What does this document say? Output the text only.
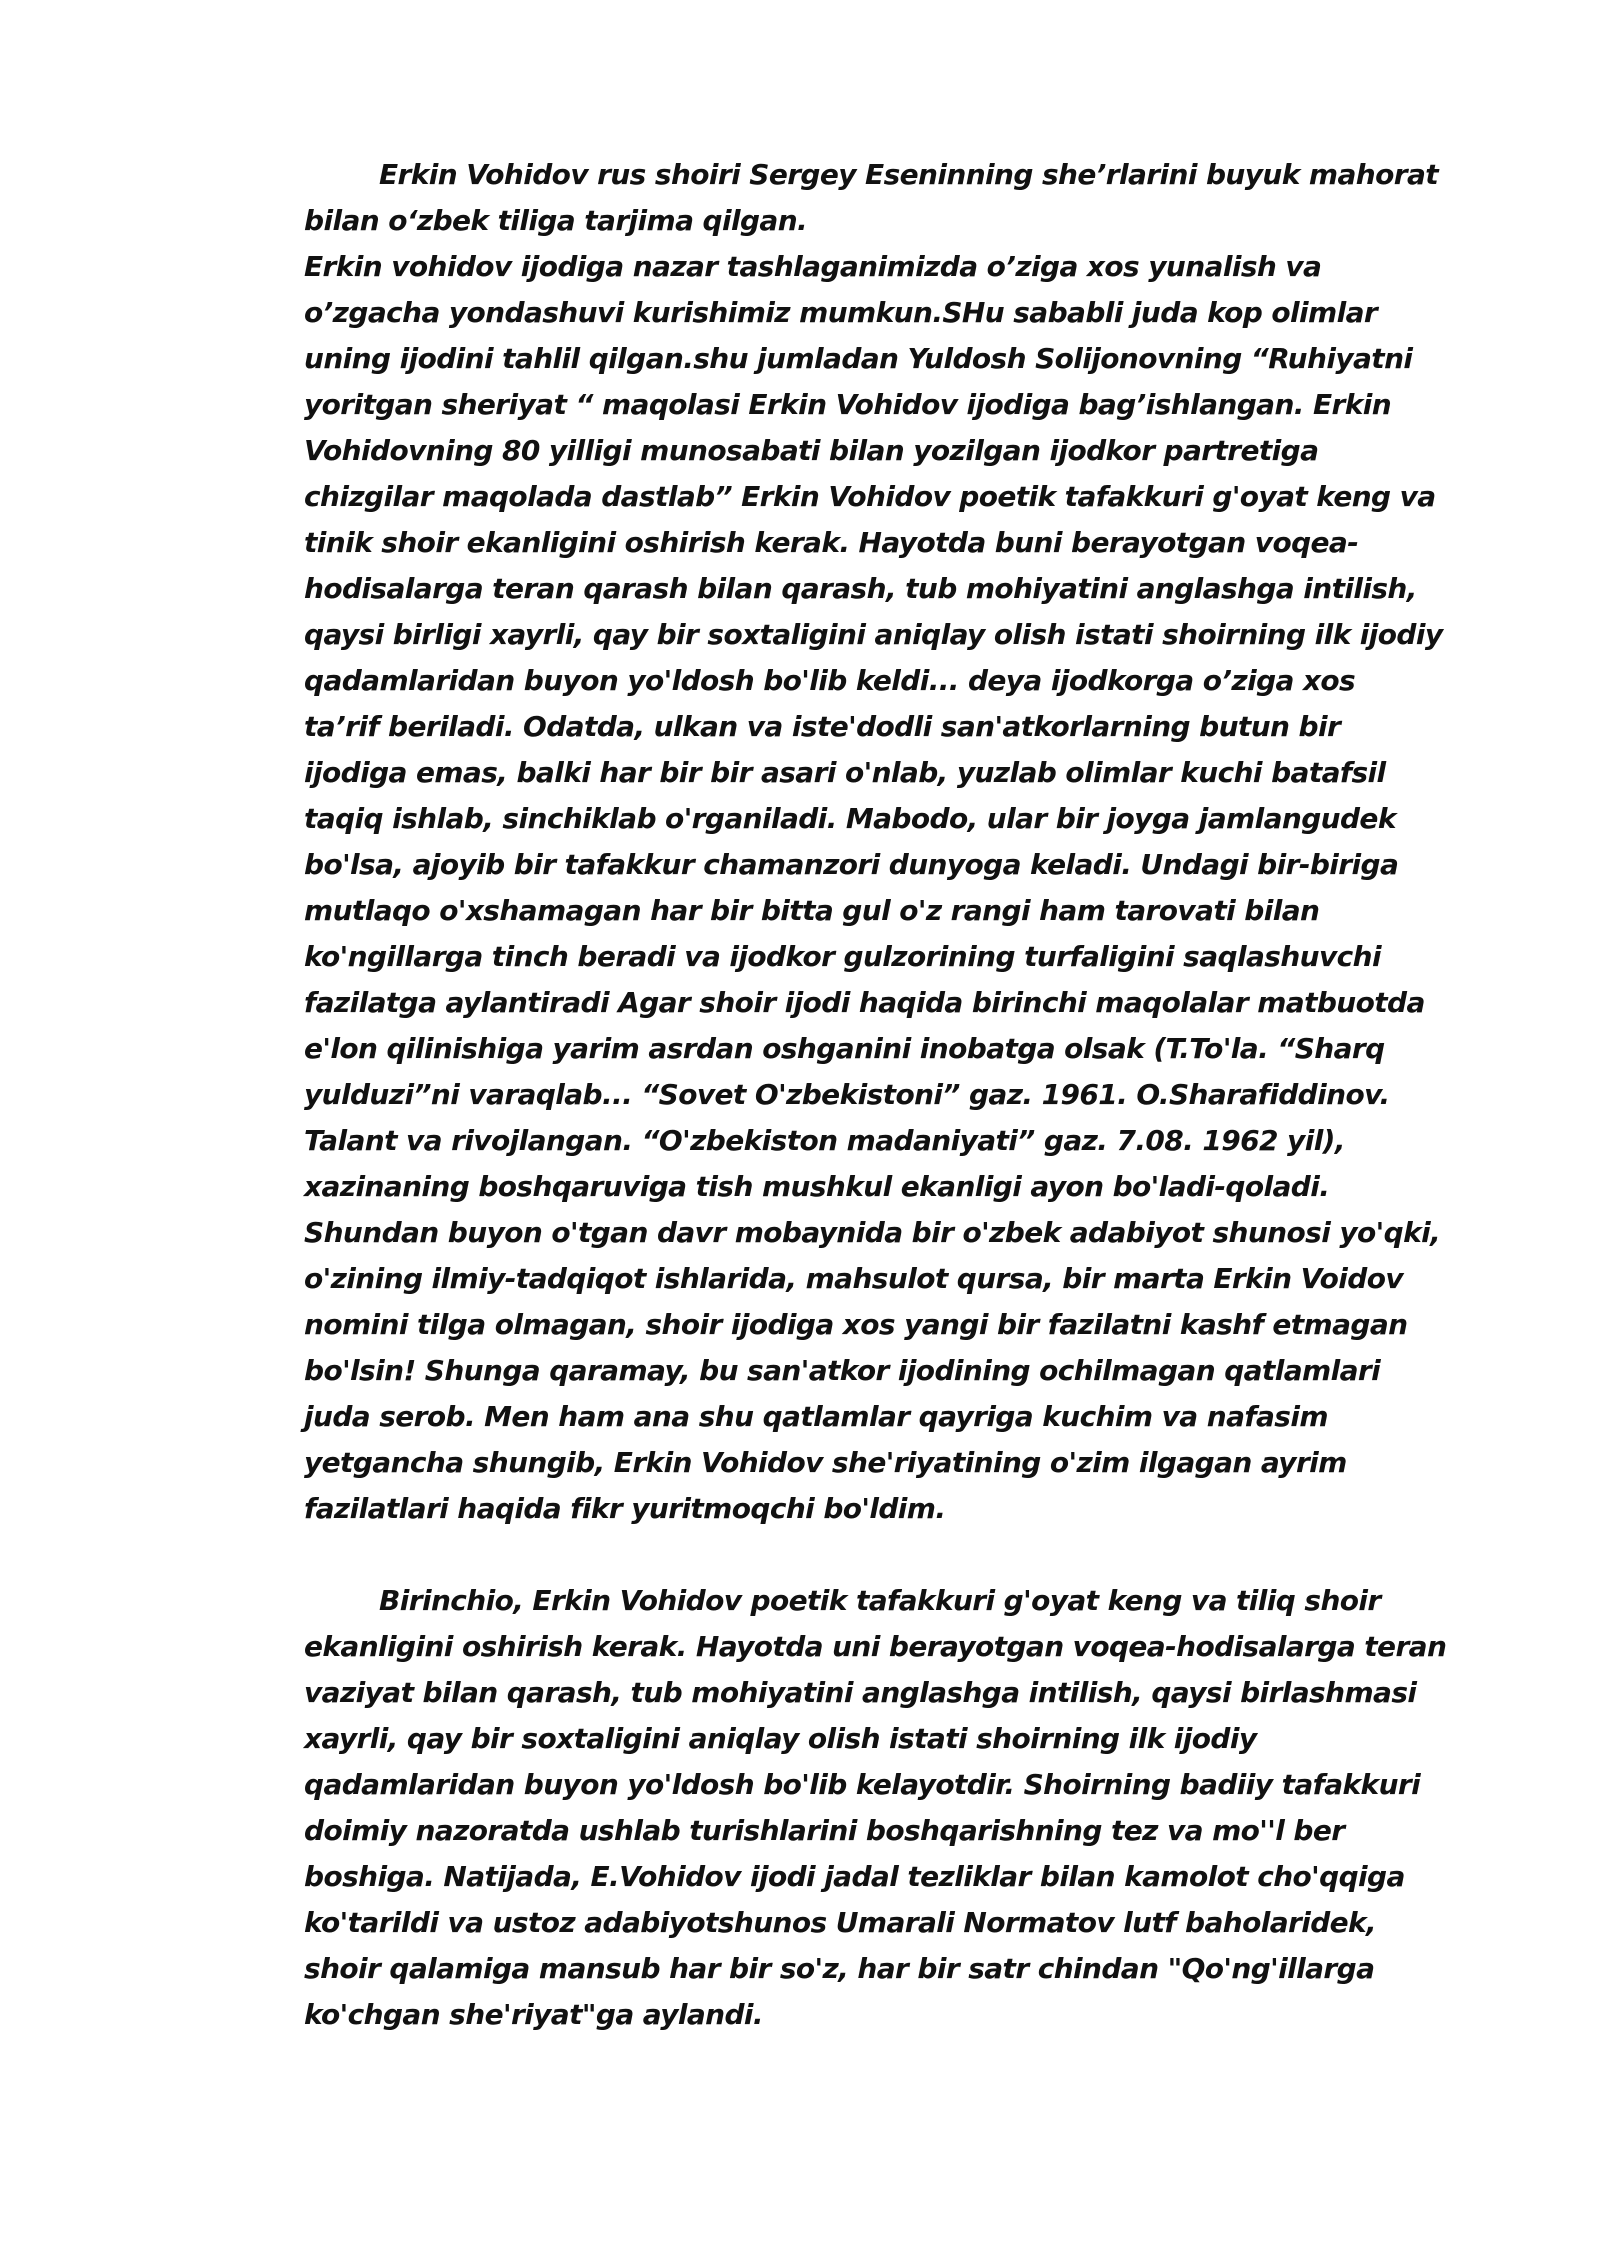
Erkin Vohidov rus shoiri Sergey Eseninning she’rlarini buyuk mahorat
bilan o‘zbek tiliga tarjima qilgan.
Erkin vohidov ijodiga nazar tashlaganimizda o’ziga xos yunalish va
o’zgacha yondashuvi kurishimiz mumkun.SHu sababli juda kop olimlar
uning ijodini tahlil qilgan.shu jumladan Yuldosh Solijonovning “Ruhiyatni
yoritgan sheriyat “ maqolasi Erkin Vohidov ijodiga bag’ishlangan. Erkin
Vohidovning 80 yilligi munosabati bilan yozilgan ijodkor partretiga
chizgilar maqolada dastlab” Erkin Vohidov poetik tafakkuri g'oyat keng va
tinik shoir ekanligini oshirish kerak. Hayotda buni berayotgan voqea-
hodisalarga teran qarash bilan qarash, tub mohiyatini anglashga intilish,
qaysi birligi xayrli, qay bir soxtaligini aniqlay olish istati shoirning ilk ijodiy
qadamlaridan buyon yo'ldosh bo'lib keldi... deya ijodkorga o’ziga xos
ta’rif beriladi. Odatda, ulkan va iste'dodli san'atkorlarning butun bir
ijodiga emas, balki har bir bir asari o'nlab, yuzlab olimlar kuchi batafsil
taqiq ishlab, sinchiklab o'rganiladi. Mabodo, ular bir joyga jamlangudek
bo'lsa, ajoyib bir tafakkur chamanzori dunyoga keladi. Undagi bir-biriga
mutlaqo o'xshamagan har bir bitta gul o'z rangi ham tarovati bilan
ko'ngillarga tinch beradi va ijodkor gulzorining turfaligini saqlashuvchi
fazilatga aylantiradi Agar shoir ijodi haqida birinchi maqolalar matbuotda
e'lon qilinishiga yarim asrdan oshganini inobatga olsak (T.To'la. “Sharq
yulduzi”ni varaqlab... “Sovet O'zbekistoni” gaz. 1961. O.Sharafiddinov.
Talant va rivojlangan. “O'zbekiston madaniyati” gaz. 7.08. 1962 yil),
xazinaning boshqaruviga tish mushkul ekanligi ayon bo'ladi-qoladi.
Shundan buyon o'tgan davr mobaynida bir o'zbek adabiyot shunosi yo'qki,
o'zining ilmiy-tadqiqot ishlarida, mahsulot qursa, bir marta Erkin Voidov
nomini tilga olmagan, shoir ijodiga xos yangi bir fazilatni kashf etmagan
bo'lsin! Shunga qaramay, bu san'atkor ijodining ochilmagan qatlamlari
juda serob. Men ham ana shu qatlamlar qayriga kuchim va nafasim
yetgancha shungib, Erkin Vohidov she'riyatining o'zim ilgagan ayrim
fazilatlari haqida fikr yuritmoqchi bo'ldim.
Birinchio, Erkin Vohidov poetik tafakkuri g'oyat keng va tiliq shoir
ekanligini oshirish kerak. Hayotda uni berayotgan voqea-hodisalarga teran
vaziyat bilan qarash, tub mohiyatini anglashga intilish, qaysi birlashmasi
xayrli, qay bir soxtaligini aniqlay olish istati shoirning ilk ijodiy
qadamlaridan buyon yo'ldosh bo'lib kelayotdir. Shoirning badiiy tafakkuri
doimiy nazoratda ushlab turishlarini boshqarishning tez va mo''l ber
boshiga. Natijada, E.Vohidov ijodi jadal tezliklar bilan kamolot cho'qqiga
ko'tarildi va ustoz adabiyotshunos Umarali Normatov lutf baholaridek,
shoir qalamiga mansub har bir so'z, har bir satr chindan "Qo'ng'illarga
ko'chgan she'riyat"ga aylandi.
